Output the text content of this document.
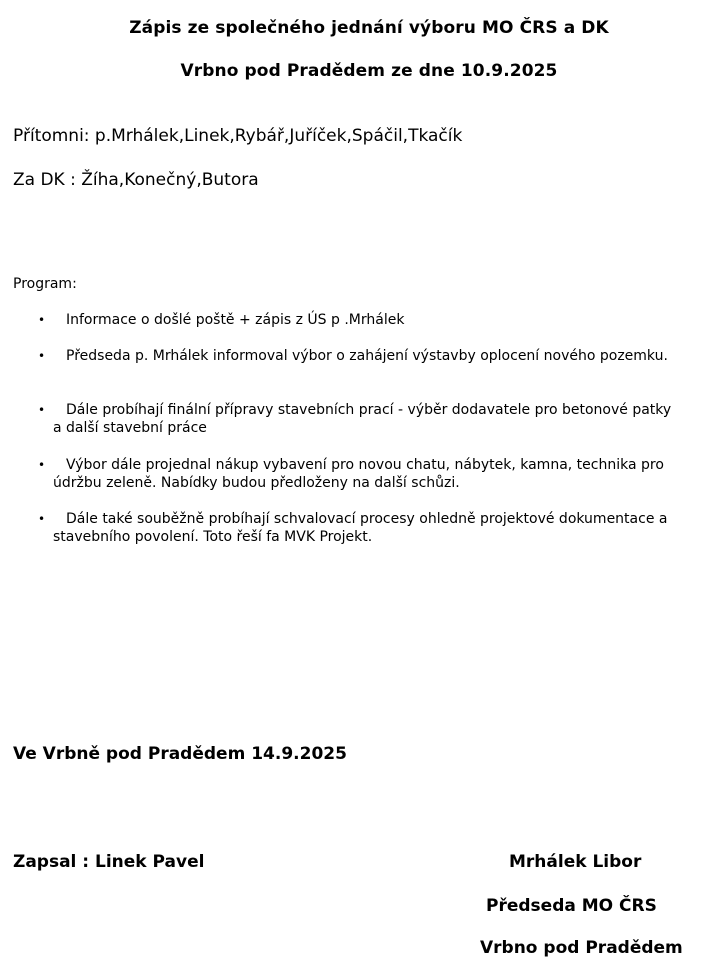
Zápis ze společného jednání výboru MO ČRS a DK
Vrbno pod Pradědem ze dne 10.9.2025
Přítomni: p.Mrhálek,Linek,Rybář,Juříček,Spáčil,Tkačík
Za DK : Žíha,Konečný,Butora
Program:
• Informace o došlé poště + zápis z ÚS p .Mrhálek
• Předseda p. Mrhálek informoval výbor o zahájení výstavby oplocení nového pozemku.
• Dále probíhají finální přípravy stavebních prací - výběr dodavatele pro betonové patky
a další stavební práce
• Výbor dále projednal nákup vybavení pro novou chatu, nábytek, kamna, technika pro
údržbu zeleně. Nabídky budou předloženy na další schůzi.
• Dále také souběžně probíhají schvalovací procesy ohledně projektové dokumentace a
stavebního povolení. Toto řeší fa MVK Projekt.
Ve Vrbně pod Pradědem 14.9.2025
Zapsal : Linek Pavel	Mrhálek Libor
Předseda MO ČRS
Vrbno pod Pradědem
